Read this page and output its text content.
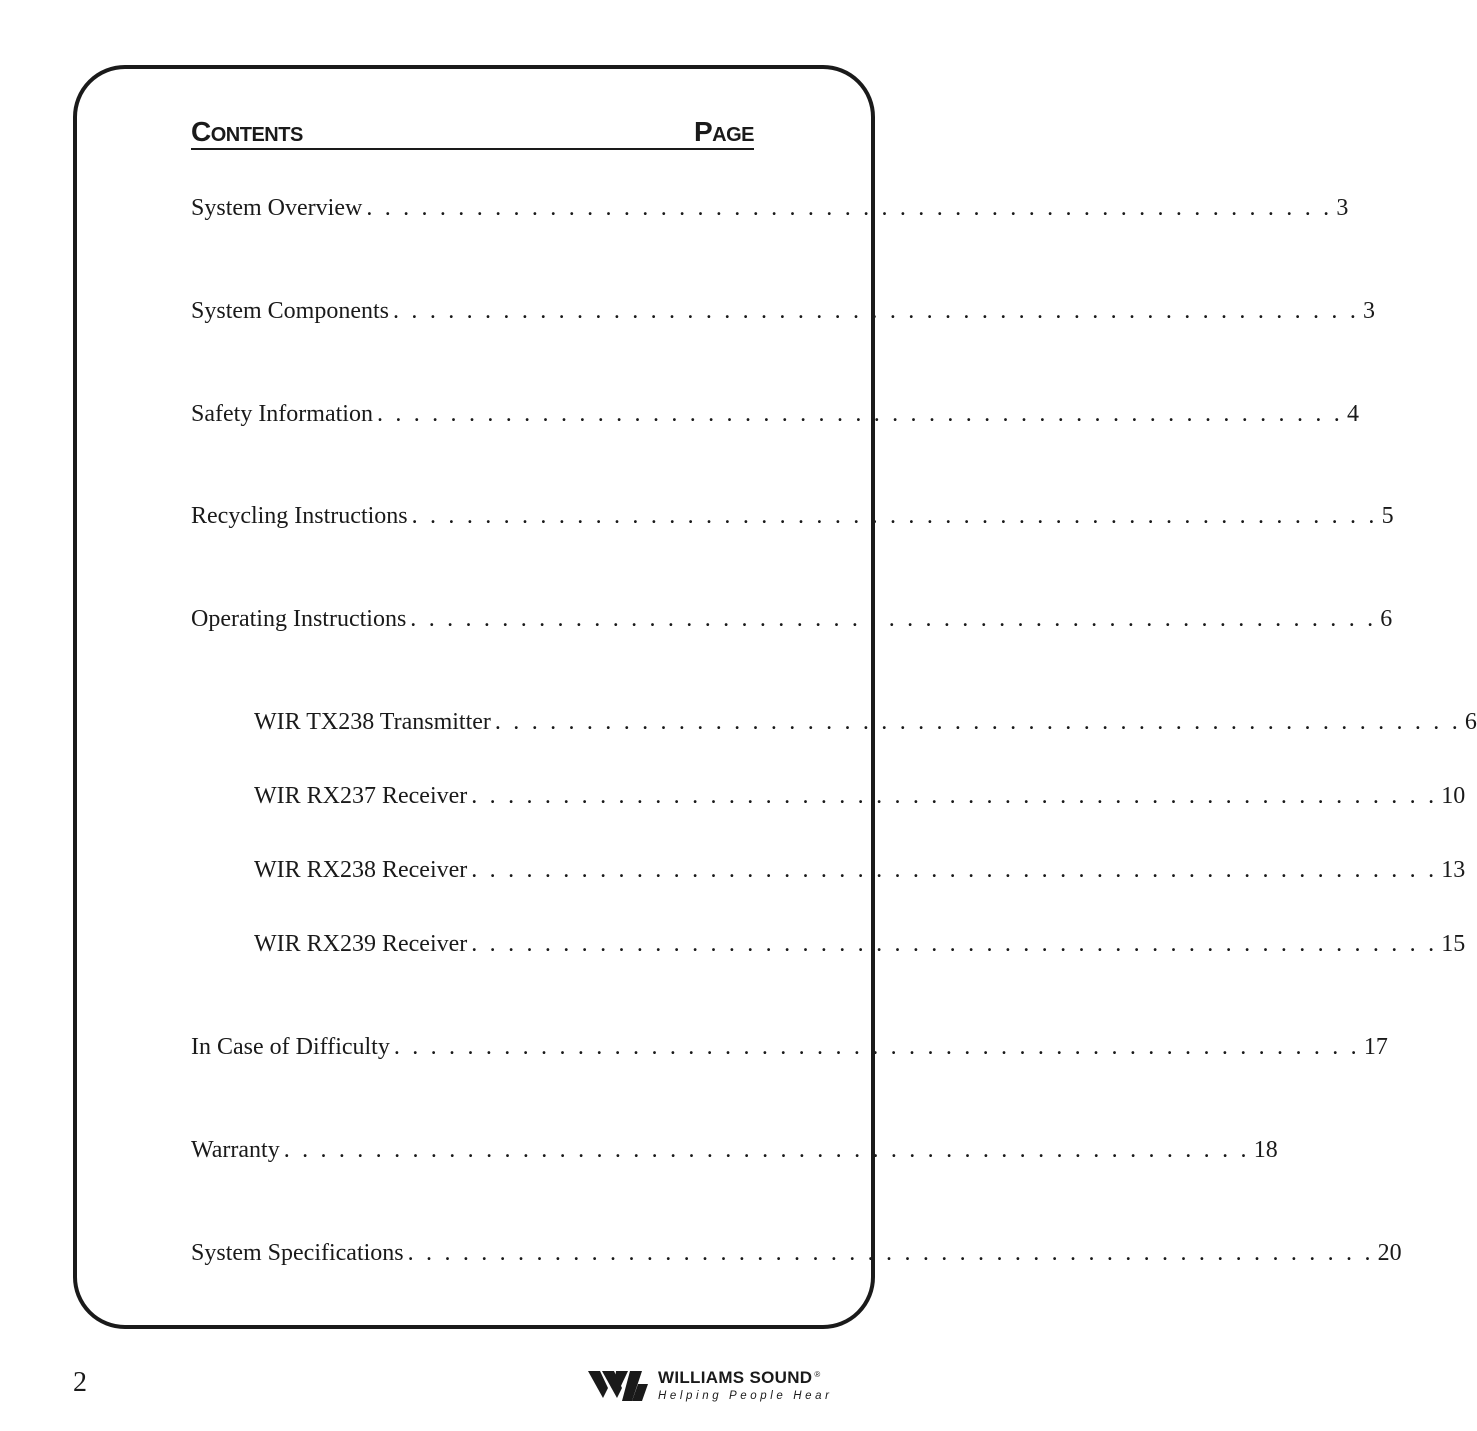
Contents	Page
System Overview . . . . . . . . . . . . . . . . . . . . . . . . . . . . . . . . . . . . . . . . . . . . . . . . . . . . . 3
System Components . . . . . . . . . . . . . . . . . . . . . . . . . . . . . . . . . . . . . . . . . . . . . . . . . . . . . 3
Safety Information . . . . . . . . . . . . . . . . . . . . . . . . . . . . . . . . . . . . . . . . . . . . . . . . . . . . . 4
Recycling Instructions . . . . . . . . . . . . . . . . . . . . . . . . . . . . . . . . . . . . . . . . . . . . . . . . . . . . . 5
Operating Instructions . . . . . . . . . . . . . . . . . . . . . . . . . . . . . . . . . . . . . . . . . . . . . . . . . . . . . 6
WIR TX238 Transmitter . . . . . . . . . . . . . . . . . . . . . . . . . . . . . . . . . . . . . . . . . . . . . . . . . . . . . 6
WIR RX237 Receiver . . . . . . . . . . . . . . . . . . . . . . . . . . . . . . . . . . . . . . . . . . . . . . . . . . . . . 10
WIR RX238 Receiver . . . . . . . . . . . . . . . . . . . . . . . . . . . . . . . . . . . . . . . . . . . . . . . . . . . . . 13
WIR RX239 Receiver . . . . . . . . . . . . . . . . . . . . . . . . . . . . . . . . . . . . . . . . . . . . . . . . . . . . . 15
In Case of Difficulty . . . . . . . . . . . . . . . . . . . . . . . . . . . . . . . . . . . . . . . . . . . . . . . . . . . . . 17
Warranty . . . . . . . . . . . . . . . . . . . . . . . . . . . . . . . . . . . . . . . . . . . . . . . . . . . . . 18
System Specifications . . . . . . . . . . . . . . . . . . . . . . . . . . . . . . . . . . . . . . . . . . . . . . . . . . . . . 20
2	WILLIAMS SOUND ®
Helping People Hear
